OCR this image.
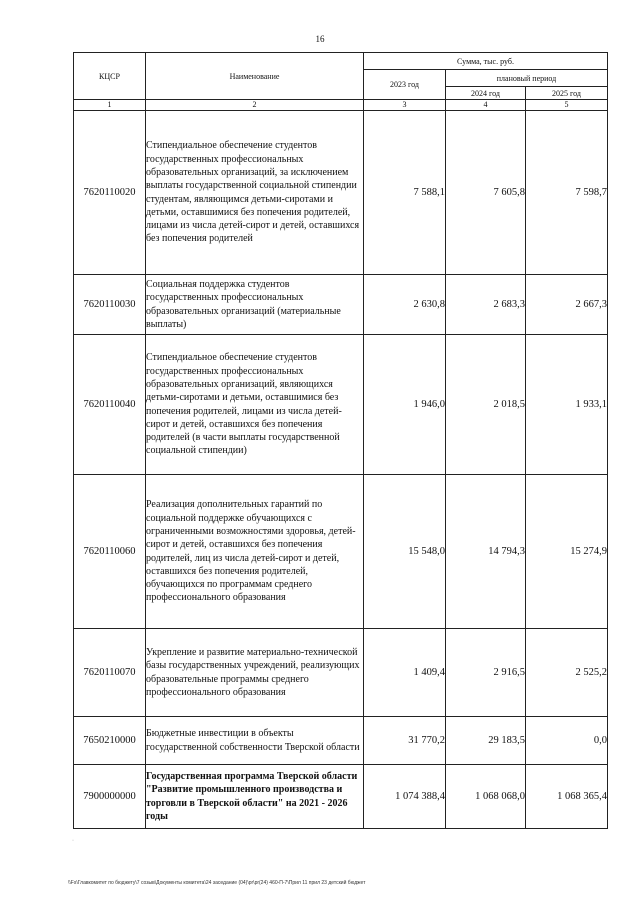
16
КЦСР	Наименование	Сумма, тыс. руб.		
		2023 год	плановый период	
			2024 год	2025 год
1	2	3	4	5
7620110020	Стипендиальное обеспечение студентов государственных профессиональных образовательных организаций, за исключением выплаты государственной социальной стипендии студентам, являющимся детьми-сиротами и детьми, оставшимися без попечения родителей, лицами из числа детей-сирот и детей, оставшихся без попечения родителей	7 588,1	7 605,8	7 598,7
7620110030	Социальная поддержка студентов государственных профессиональных образовательных организаций (материальные выплаты)	2 630,8	2 683,3	2 667,3
7620110040	Стипендиальное обеспечение студентов государственных профессиональных образовательных организаций, являющихся детьми-сиротами и детьми, оставшимися без попечения родителей, лицами из числа детей-сирот и детей, оставшихся без попечения родителей (в части выплаты государственной социальной стипендии)	1 946,0	2 018,5	1 933,1
7620110060	Реализация дополнительных гарантий по социальной поддержке обучающихся с ограниченными возможностями здоровья, детей-сирот и детей, оставшихся без попечения родителей, лиц из числа детей-сирот и детей, оставшихся без попечения родителей, обучающихся по программам среднего профессионального образования	15 548,0	14 794,3	15 274,9
7620110070	Укрепление и развитие материально-технической базы государственных учреждений, реализующих образовательные программы среднего профессионального образования	1 409,4	2 916,5	2 525,2
7650210000	Бюджетные инвестиции в объекты государственной собственности Тверской области	31 770,2	29 183,5	0,0
7900000000	Государственная программа Тверской области "Развитие промышленного производства и торговли в Тверской области" на 2021 - 2026 годы	1 074 388,4	1 068 068,0	1 068 365,4
·
\\Fs\Главкомитет по бюджету\7 созыв\Документы комитета\24 заседание (04)\pr\pr(24) 460-П-7\Прил 11 прил 23 детский бюджет
